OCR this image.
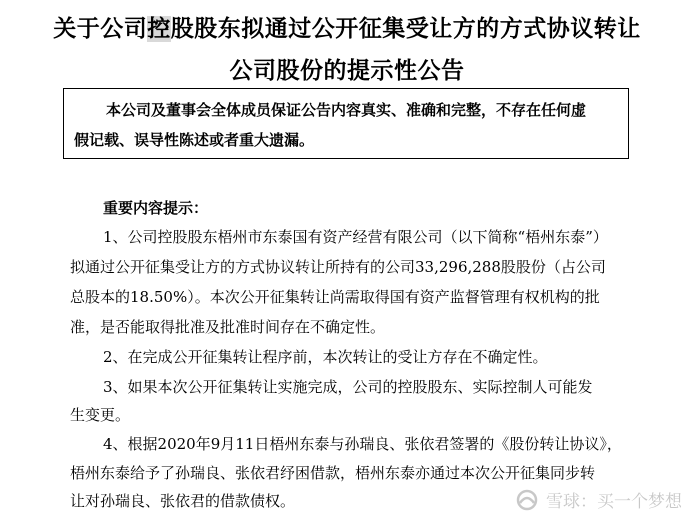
关于公司控股股东拟通过公开征集受让方的方式协议转让
公司股份的提示性公告
本公司及董事会全体成员保证公告内容真实、准确和完整，不存在任何虚
假记载、误导性陈述或者重大遗漏。
重要内容提示：
1、公司控股股东梧州市东泰国有资产经营有限公司（以下简称“梧州东泰”）
拟通过公开征集受让方的方式协议转让所持有的公司33,296,288股股份（占公司
总股本的18.50%）。本次公开征集转让尚需取得国有资产监督管理有权机构的批
准，是否能取得批准及批准时间存在不确定性。
2、在完成公开征集转让程序前，本次转让的受让方存在不确定性。
3、如果本次公开征集转让实施完成，公司的控股股东、实际控制人可能发
生变更。
4、根据2020年9月11日梧州东泰与孙瑞良、张依君签署的《股份转让协议》，
梧州东泰给予了孙瑞良、张依君纾困借款，梧州东泰亦通过本次公开征集同步转
让对孙瑞良、张依君的借款债权。	雪球：买一个梦想
